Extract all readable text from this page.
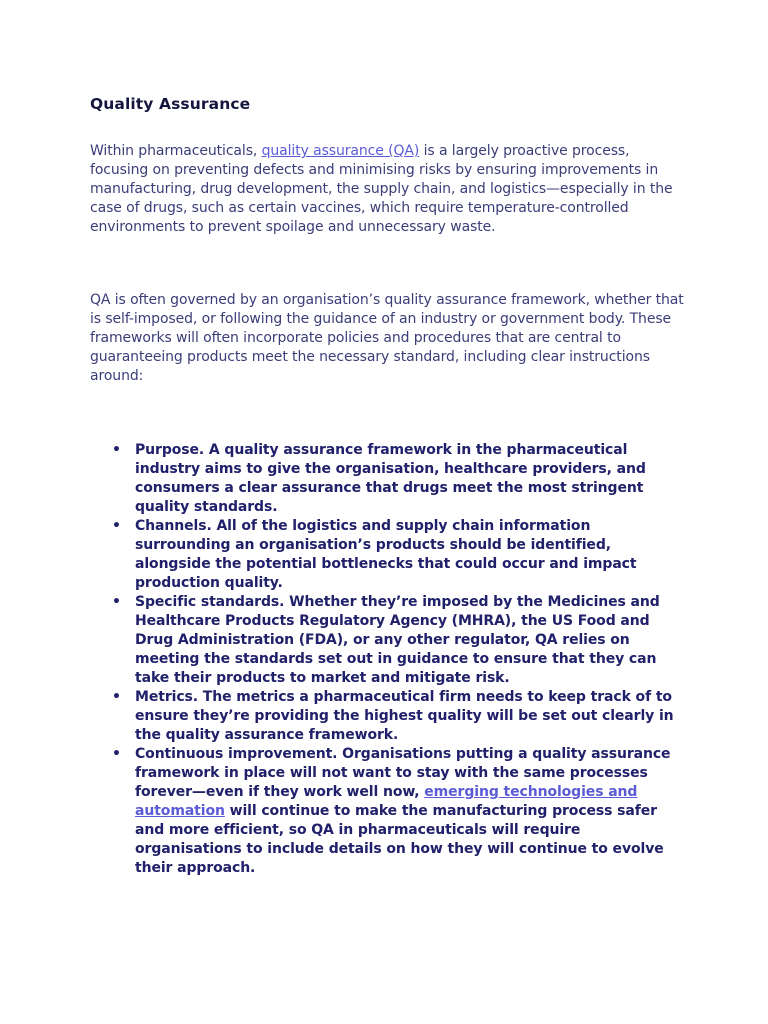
Quality Assurance

Within pharmaceuticals, quality assurance (QA) is a largely proactive process, focusing on preventing defects and minimising risks by ensuring improvements in manufacturing, drug development, the supply chain, and logistics—especially in the case of drugs, such as certain vaccines, which require temperature-controlled environments to prevent spoilage and unnecessary waste.

QA is often governed by an organisation’s quality assurance framework, whether that is self-imposed, or following the guidance of an industry or government body. These frameworks will often incorporate policies and procedures that are central to guaranteeing products meet the necessary standard, including clear instructions around:

• Purpose. A quality assurance framework in the pharmaceutical industry aims to give the organisation, healthcare providers, and consumers a clear assurance that drugs meet the most stringent quality standards.
• Channels. All of the logistics and supply chain information surrounding an organisation’s products should be identified, alongside the potential bottlenecks that could occur and impact production quality.
• Specific standards. Whether they’re imposed by the Medicines and Healthcare Products Regulatory Agency (MHRA), the US Food and Drug Administration (FDA), or any other regulator, QA relies on meeting the standards set out in guidance to ensure that they can take their products to market and mitigate risk.
• Metrics. The metrics a pharmaceutical firm needs to keep track of to ensure they’re providing the highest quality will be set out clearly in the quality assurance framework.
• Continuous improvement. Organisations putting a quality assurance framework in place will not want to stay with the same processes forever—even if they work well now, emerging technologies and automation will continue to make the manufacturing process safer and more efficient, so QA in pharmaceuticals will require organisations to include details on how they will continue to evolve their approach.
